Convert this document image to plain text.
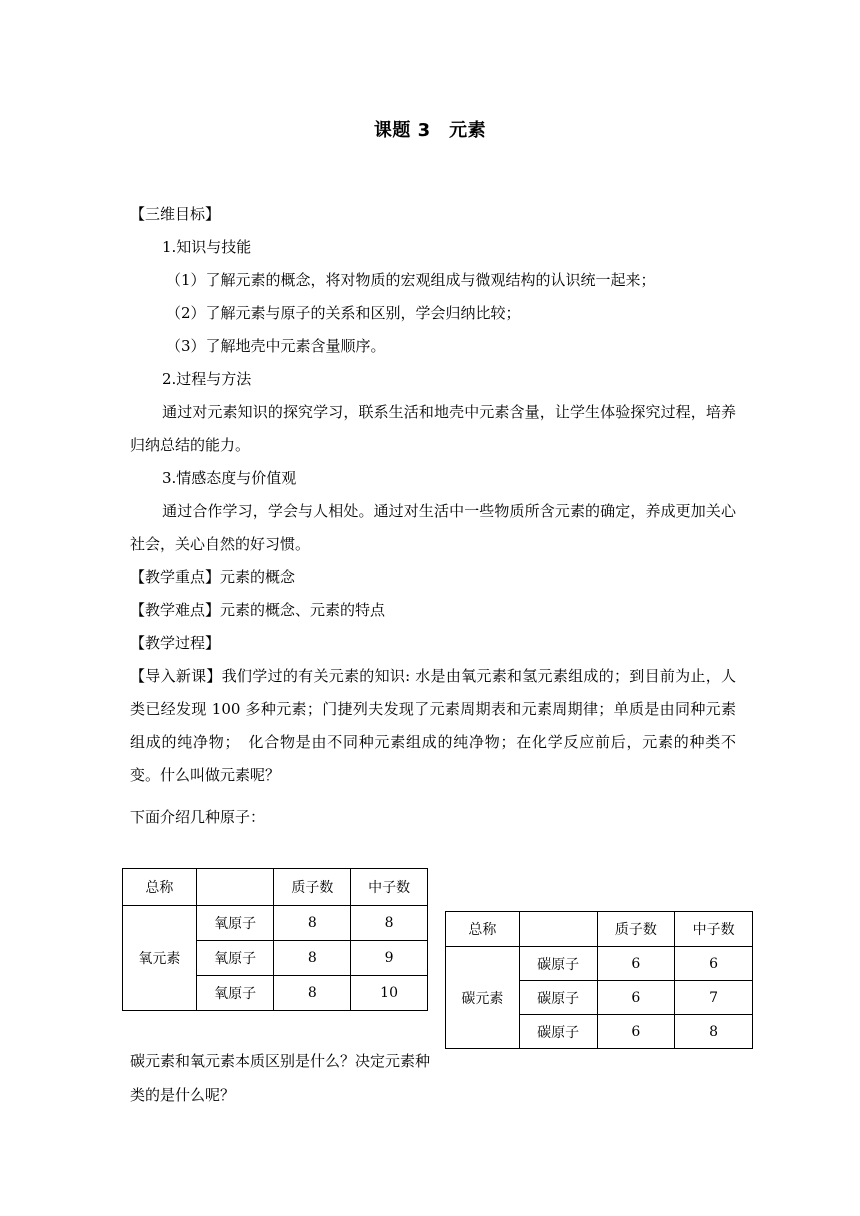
课题 3　元素
【三维目标】
1.知识与技能
（1）了解元素的概念，将对物质的宏观组成与微观结构的认识统一起来；
（2）了解元素与原子的关系和区别，学会归纳比较；
（3）了解地壳中元素含量顺序。
2.过程与方法
通过对元素知识的探究学习，联系生活和地壳中元素含量，让学生体验探究过程，培养归纳总结的能力。
3.情感态度与价值观
通过合作学习，学会与人相处。通过对生活中一些物质所含元素的确定，养成更加关心社会，关心自然的好习惯。
【教学重点】元素的概念
【教学难点】元素的概念、元素的特点
【教学过程】
【导入新课】我们学过的有关元素的知识: 水是由氧元素和氢元素组成的；到目前为止，人类已经发现 100 多种元素；门捷列夫发现了元素周期表和元素周期律；单质是由同种元素组成的纯净物；　化合物是由不同种元素组成的纯净物；在化学反应前后，元素的种类不变。什么叫做元素呢？
下面介绍几种原子：
总称		质子数	中子数
氧元素	氧原子	8	8
	氧原子	8	9
	氧原子	8	10
总称		质子数	中子数
碳元素	碳原子	6	6
	碳原子	6	7
	碳原子	6	8
碳元素和氧元素本质区别是什么？决定元素种类的是什么呢？
